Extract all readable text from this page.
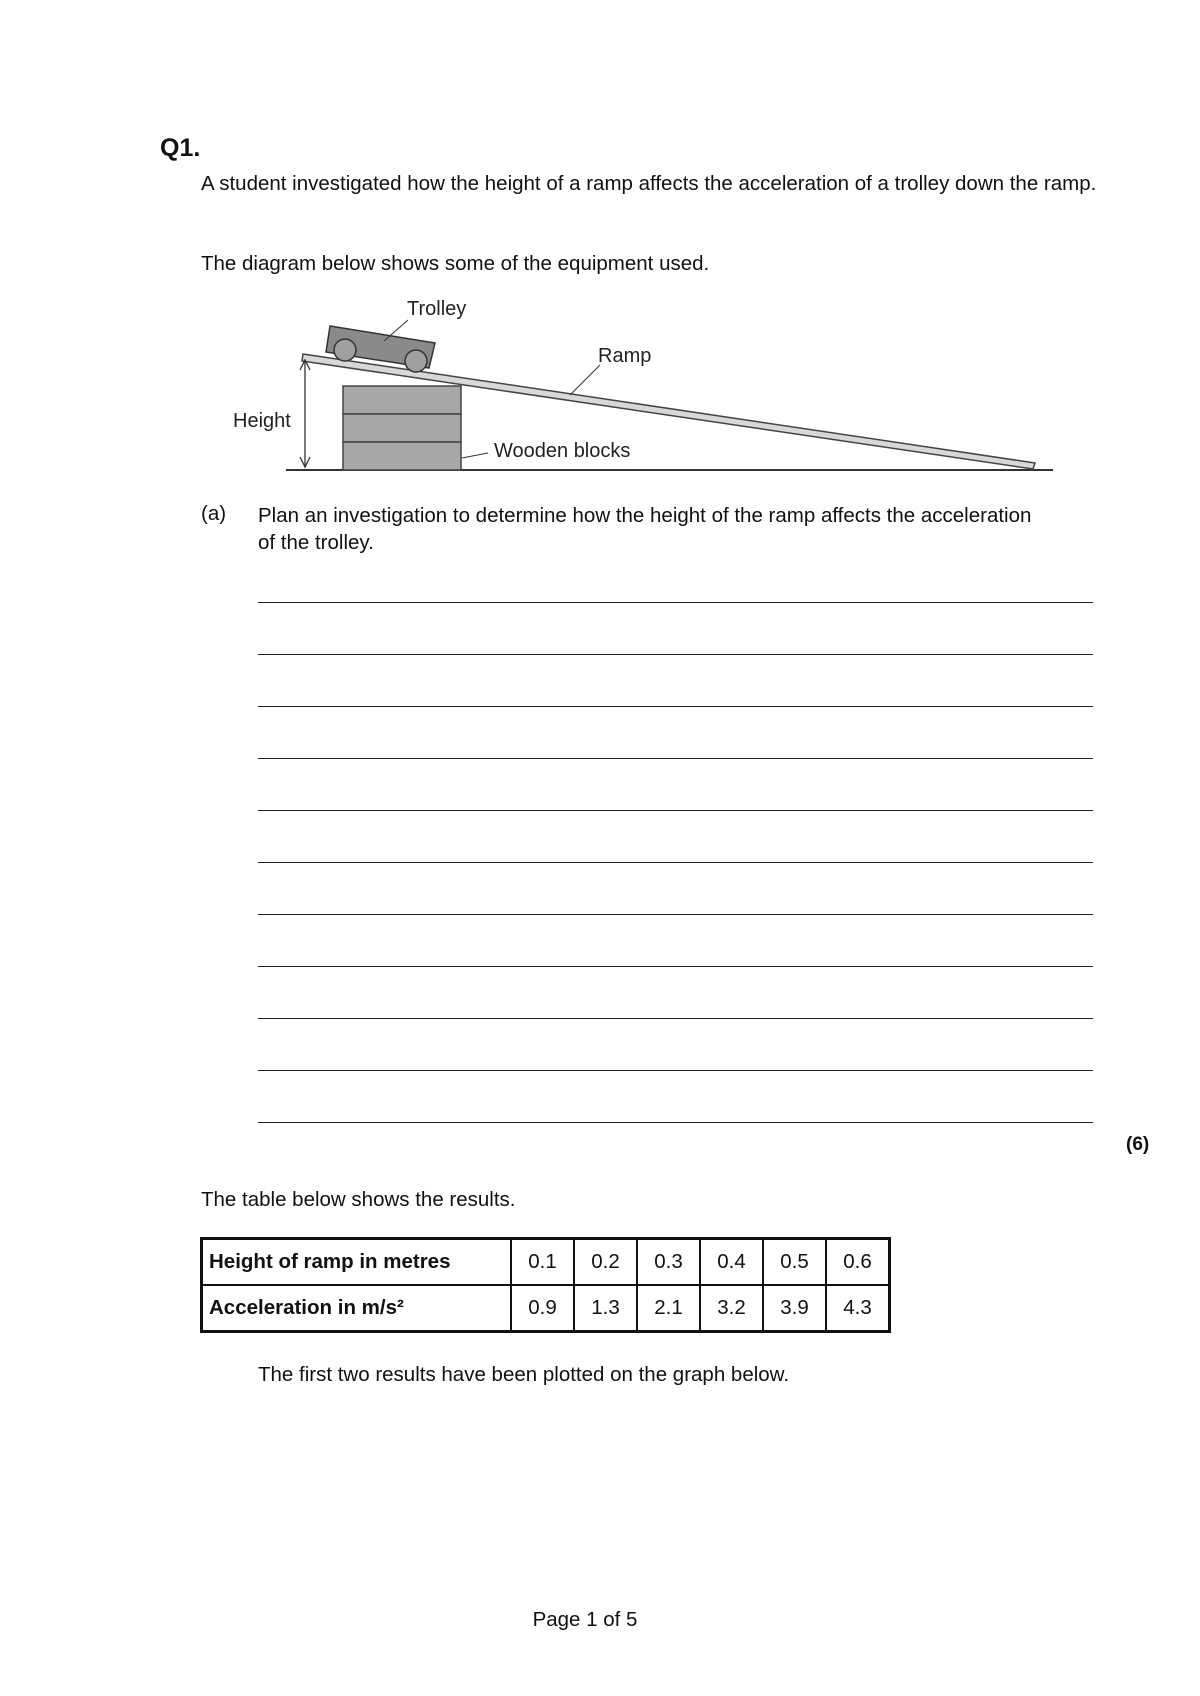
Q1.
A student investigated how the height of a ramp affects the acceleration of a trolley down the ramp.
The diagram below shows some of the equipment used.
Trolley
Ramp
Height
Wooden blocks
(a) Plan an investigation to determine how the height of the ramp affects the acceleration of the trolley.
(6)
The table below shows the results.
Height of ramp in metres	0.1	0.2	0.3	0.4	0.5	0.6
Acceleration in m/s²	0.9	1.3	2.1	3.2	3.9	4.3
The first two results have been plotted on the graph below.
Page 1 of 5
